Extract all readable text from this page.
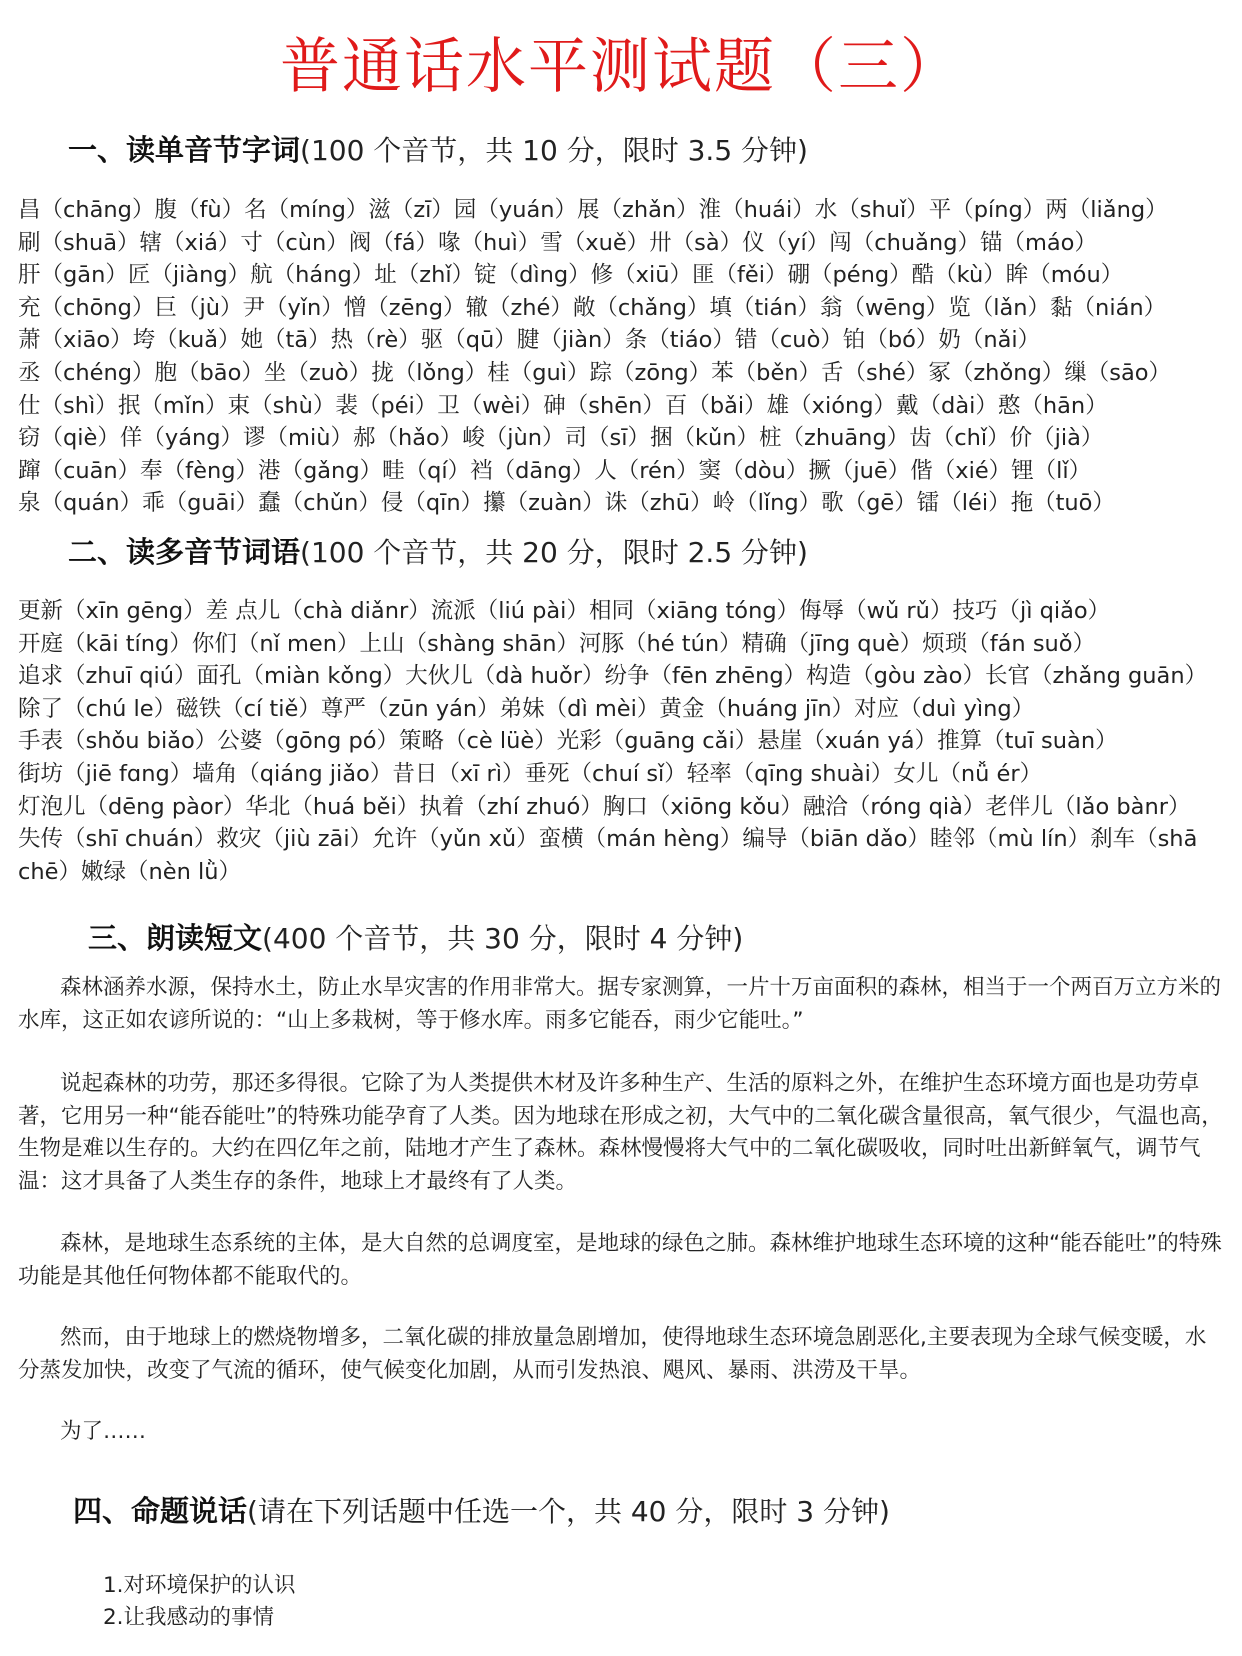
普通话水平测试题（三）
一、读单音节字词(100 个音节，共 10 分，限时 3.5 分钟)
昌（chāng）腹（fù）名（míng）滋（zī）园（yuán）展（zhǎn）淮（huái）水（shuǐ）平（píng）两（liǎng）
刷（shuā）辖（xiá）寸（cùn）阀（fá）喙（huì）雪（xuě）卅（sà）仪（yí）闯（chuǎng）锚（máo）
肝（gān）匠（jiàng）航（háng）址（zhǐ）锭（dìng）修（xiū）匪（fěi）硼（péng）酷（kù）眸（móu）
充（chōng）巨（jù）尹（yǐn）憎（zēng）辙（zhé）敞（chǎng）填（tián）翁（wēng）览（lǎn）黏（nián）
萧（xiāo）垮（kuǎ）她（tā）热（rè）驱（qū）腱（jiàn）条（tiáo）错（cuò）铂（bó）奶（nǎi）
丞（chéng）胞（bāo）坐（zuò）拢（lǒng）桂（guì）踪（zōng）苯（běn）舌（shé）冢（zhǒng）缫（sāo）
仕（shì）抿（mǐn）束（shù）裴（péi）卫（wèi）砷（shēn）百（bǎi）雄（xióng）戴（dài）憨（hān）
窃（qiè）佯（yáng）谬（miù）郝（hǎo）峻（jùn）司（sī）捆（kǔn）桩（zhuāng）齿（chǐ）价（jià）
蹿（cuān）奉（fèng）港（gǎng）畦（qí）裆（dāng）人（rén）窦（dòu）撅（juē）偕（xié）锂（lǐ）
泉（quán）乖（guāi）蠢（chǔn）侵（qīn）攥（zuàn）诛（zhū）岭（lǐng）歌（gē）镭（léi）拖（tuō）
二、读多音节词语(100 个音节，共 20 分，限时 2.5 分钟)
更新（xīn gēng）差 点儿（chà diǎnr）流派（liú pài）相同（xiāng tóng）侮辱（wǔ rǔ）技巧（jì qiǎo）
开庭（kāi tíng）你们（nǐ men）上山（shàng shān）河豚（hé tún）精确（jīng què）烦琐（fán suǒ）
追求（zhuī qiú）面孔（miàn kǒng）大伙儿（dà huǒr）纷争（fēn zhēng）构造（gòu zào）长官（zhǎng guān）
除了（chú le）磁铁（cí tiě）尊严（zūn yán）弟妹（dì mèi）黄金（huáng jīn）对应（duì yìng）
手表（shǒu biǎo）公婆（gōng pó）策略（cè lüè）光彩（guāng cǎi）悬崖（xuán yá）推算（tuī suàn）
街坊（jiē fɑng）墙角（qiáng jiǎo）昔日（xī rì）垂死（chuí sǐ）轻率（qīng shuài）女儿（nǚ ér）
灯泡儿（dēng pàor）华北（huá běi）执着（zhí zhuó）胸口（xiōng kǒu）融洽（róng qià）老伴儿（lǎo bànr）
失传（shī chuán）救灾（jiù zāi）允许（yǔn xǔ）蛮横（mán hèng）编导（biān dǎo）睦邻（mù lín）刹车（shā
chē）嫩绿（nèn lǜ）
三、朗读短文(400 个音节，共 30 分，限时 4 分钟)

森林涵养水源，保持水土，防止水旱灾害的作用非常大。据专家测算，一片十万亩面积的森林，相当于一个两百万立方米的水库，这正如农谚所说的：“山上多栽树，等于修水库。雨多它能吞，雨少它能吐。”

说起森林的功劳，那还多得很。它除了为人类提供木材及许多种生产、生活的原料之外，在维护生态环境方面也是功劳卓著，它用另一种“能吞能吐”的特殊功能孕育了人类。因为地球在形成之初，大气中的二氧化碳含量很高，氧气很少，气温也高，生物是难以生存的。大约在四亿年之前，陆地才产生了森林。森林慢慢将大气中的二氧化碳吸收，同时吐出新鲜氧气，调节气温：这才具备了人类生存的条件，地球上才最终有了人类。

森林，是地球生态系统的主体，是大自然的总调度室，是地球的绿色之肺。森林维护地球生态环境的这种“能吞能吐”的特殊功能是其他任何物体都不能取代的。

然而，由于地球上的燃烧物增多，二氧化碳的排放量急剧增加，使得地球生态环境急剧恶化,主要表现为全球气候变暖，水分蒸发加快，改变了气流的循环，使气候变化加剧，从而引发热浪、飓风、暴雨、洪涝及干旱。

为了……

四、命题说话(请在下列话题中任选一个，共 40 分，限时 3 分钟)
1.对环境保护的认识
2.让我感动的事情
